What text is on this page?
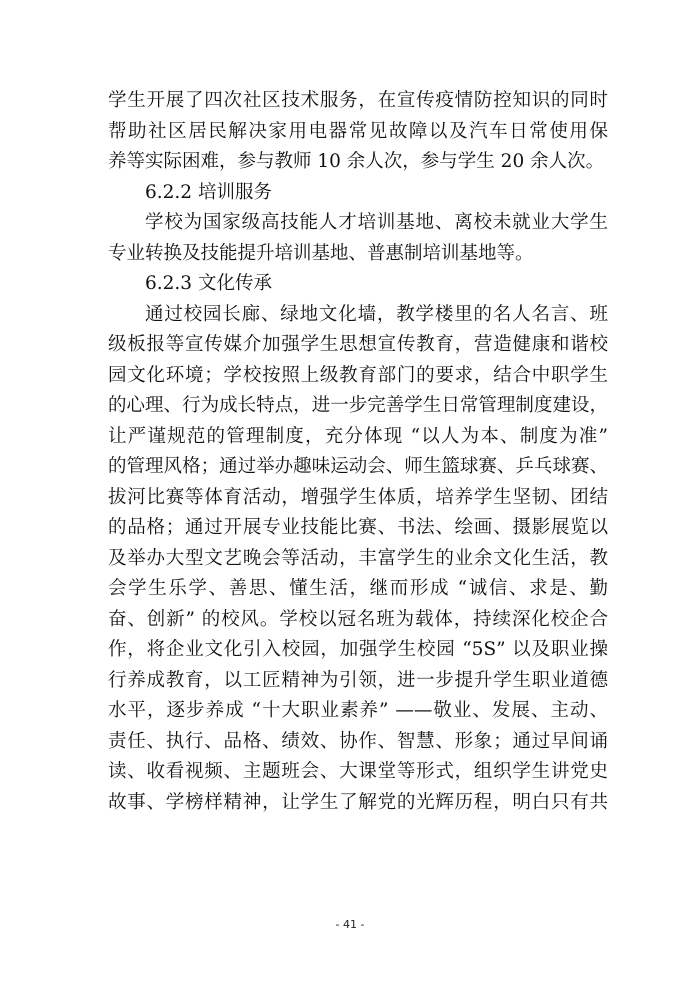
学生开展了四次社区技术服务，在宣传疫情防控知识的同时
帮助社区居民解决家用电器常见故障以及汽车日常使用保
养等实际困难，参与教师 10 余人次，参与学生 20 余人次。
6.2.2 培训服务
学校为国家级高技能人才培训基地、离校未就业大学生
专业转换及技能提升培训基地、普惠制培训基地等。
6.2.3 文化传承
通过校园长廊、绿地文化墙，教学楼里的名人名言、班
级板报等宣传媒介加强学生思想宣传教育，营造健康和谐校
园文化环境；学校按照上级教育部门的要求，结合中职学生
的心理、行为成长特点，进一步完善学生日常管理制度建设，
让严谨规范的管理制度，充分体现 “以人为本、制度为准”
的管理风格；通过举办趣味运动会、师生篮球赛、乒乓球赛、
拔河比赛等体育活动，增强学生体质，培养学生坚韧、团结
的品格；通过开展专业技能比赛、书法、绘画、摄影展览以
及举办大型文艺晚会等活动，丰富学生的业余文化生活，教
会学生乐学、善思、懂生活，继而形成 “诚信、求是、勤
奋、创新” 的校风。学校以冠名班为载体，持续深化校企合
作，将企业文化引入校园，加强学生校园 “5S” 以及职业操
行养成教育，以工匠精神为引领，进一步提升学生职业道德
水平，逐步养成 “十大职业素养” ——敬业、发展、主动、
责任、执行、品格、绩效、协作、智慧、形象；通过早间诵
读、收看视频、主题班会、大课堂等形式，组织学生讲党史
故事、学榜样精神，让学生了解党的光辉历程，明白只有共
- 41 -
